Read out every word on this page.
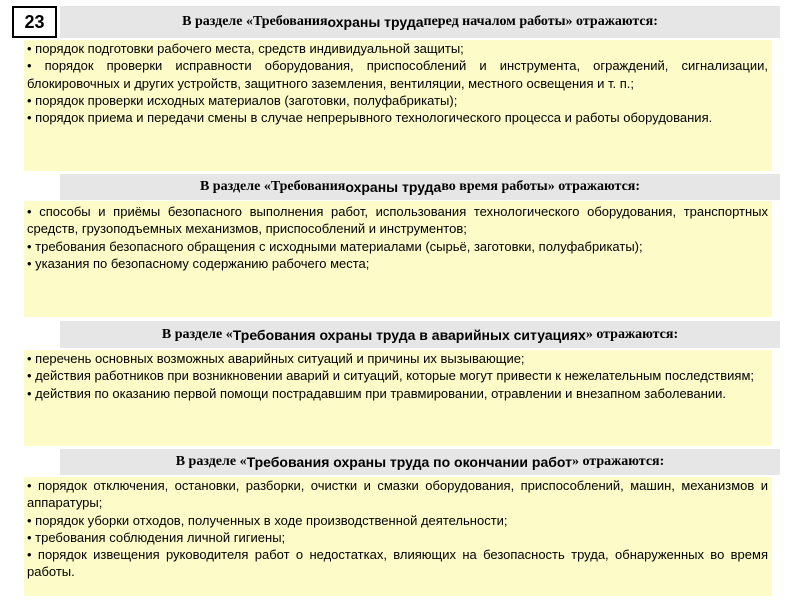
23	В разделе «Требования охраны труда перед началом работы» отражаются:

• порядок подготовки рабочего места, средств индивидуальной защиты;

• порядок проверки исправности оборудования, приспособлений и инструмента, ограждений, сигнализации, блокировочных и других устройств, защитного заземления, вентиляции, местного освещения и т. п.;

• порядок проверки исходных материалов (заготовки, полуфабрикаты);

• порядок приема и передачи смены в случае непрерывного технологического процесса и работы оборудования.

В разделе «Требования охраны труда во время работы» отражаются:

• способы и приёмы безопасного выполнения работ, использования технологического оборудования, транспортных средств, грузоподъемных механизмов, приспособлений и инструментов;

• требования безопасного обращения с исходными материалами (сырьё, заготовки, полуфабрикаты);

• указания по безопасному содержанию рабочего места;

В разделе « Требования охраны труда в аварийных ситуациях » отражаются:

• перечень основных возможных аварийных ситуаций и причины их вызывающие;

• действия работников при возникновении аварий и ситуаций, которые могут привести к нежелательным последствиям;

• действия по оказанию первой помощи пострадавшим при травмировании, отравлении и внезапном заболевании.

В разделе « Требования охраны труда по окончании работ » отражаются:

• порядок отключения, остановки, разборки, очистки и смазки оборудования, приспособлений, машин, механизмов и аппаратуры;

• порядок уборки отходов, полученных в ходе производственной деятельности;

• требования соблюдения личной гигиены;

• порядок извещения руководителя работ о недостатках, влияющих на безопасность труда, обнаруженных во время работы.
